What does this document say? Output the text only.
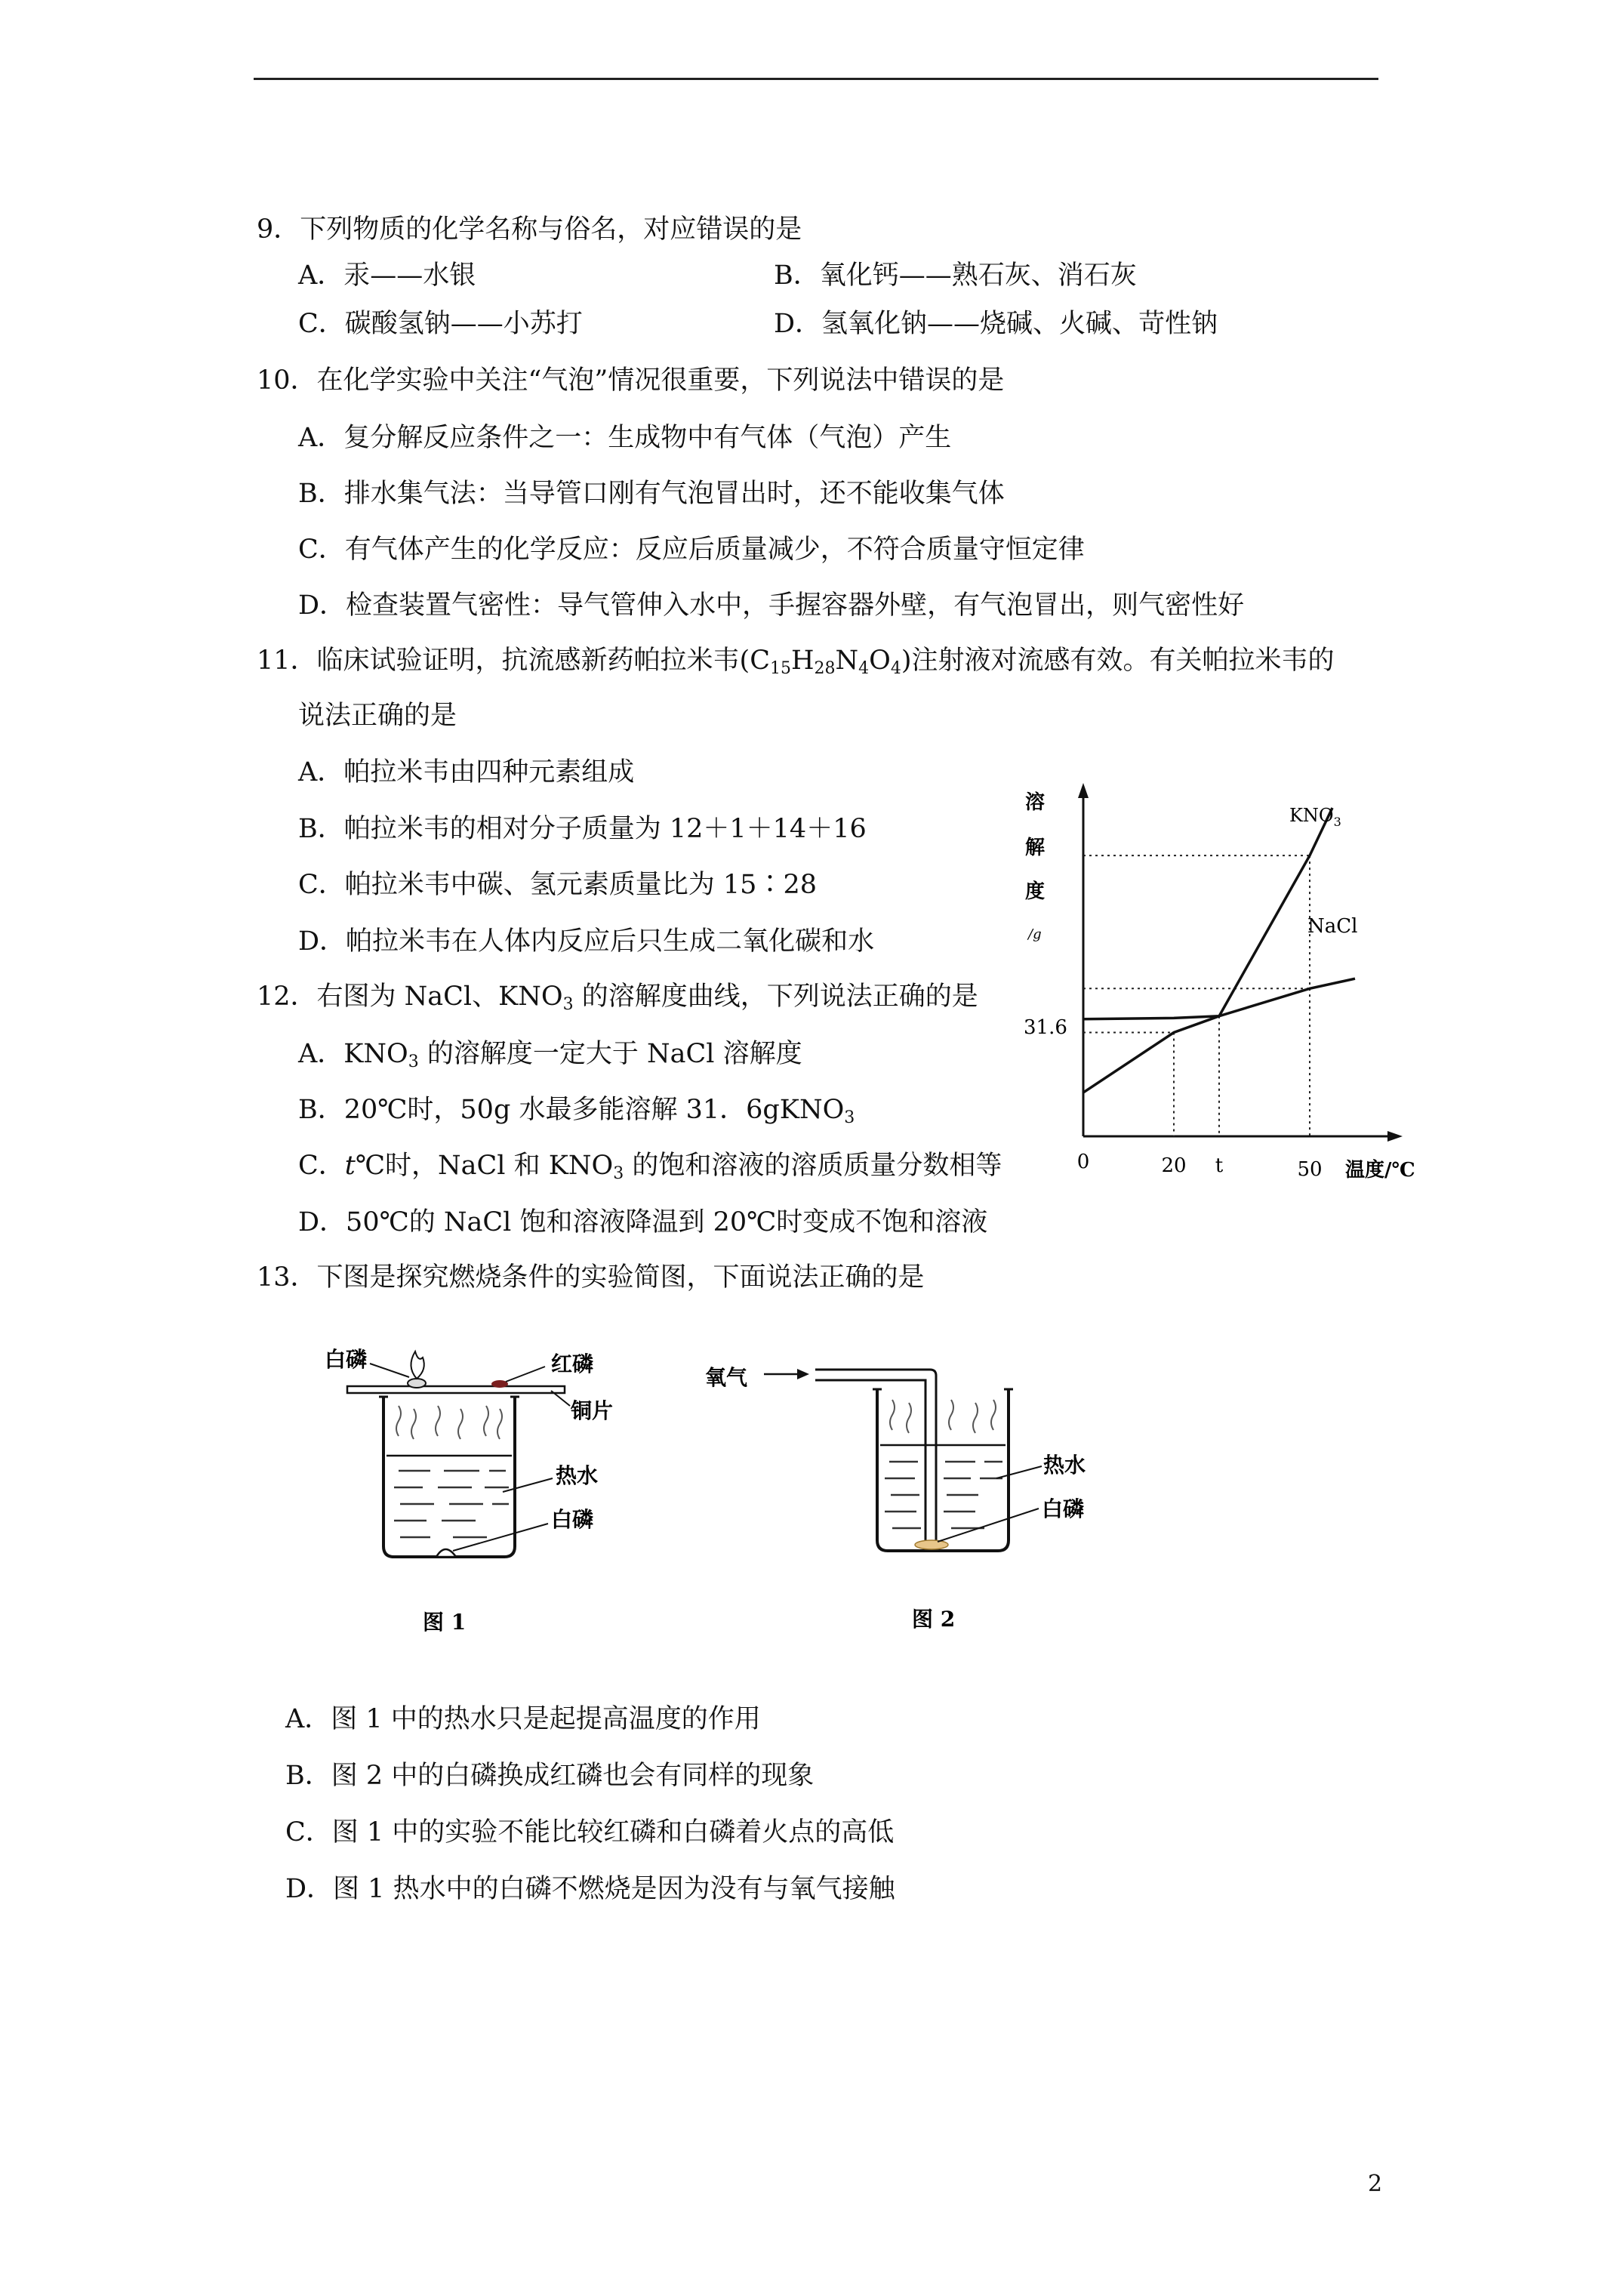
9．下列物质的化学名称与俗名，对应错误的是
A．汞——水银	B．氧化钙——熟石灰、消石灰
C．碳酸氢钠——小苏打	D．氢氧化钠——烧碱、火碱、苛性钠
10．在化学实验中关注“气泡”情况很重要，下列说法中错误的是
A．复分解反应条件之一：生成物中有气体（气泡）产生
B．排水集气法：当导管口刚有气泡冒出时，还不能收集气体
C．有气体产生的化学反应：反应后质量减少，不符合质量守恒定律
D．检查装置气密性：导气管伸入水中，手握容器外壁，有气泡冒出，则气密性好
11．临床试验证明，抗流感新药帕拉米韦$(C_{15}H_{28}N_4O_4)$注射液对流感有效。有关帕拉米韦的
说法正确的是
A．帕拉米韦由四种元素组成
B．帕拉米韦的相对分子质量为 12＋1＋14＋16
C．帕拉米韦中碳、氢元素质量比为 15∶28
D．帕拉米韦在人体内反应后只生成二氧化碳和水
12．右图为 NaCl、$KNO_3$ 的溶解度曲线，下列说法正确的是
A．$KNO_3$ 的溶解度一定大于 NaCl 溶解度
B．20℃时，50g 水最多能溶解 31．6gKNO$_3$
C．t℃时，NaCl 和 $KNO_3$ 的饱和溶液的溶质质量分数相等
D．50℃的 NaCl 饱和溶液降温到 20℃时变成不饱和溶液
13．下图是探究燃烧条件的实验简图，下面说法正确的是
A．图 1 中的热水只是起提高温度的作用
B．图 2 中的白磷换成红磷也会有同样的现象
C．图 1 中的实验不能比较红磷和白磷着火点的高低
D．图 1 热水中的白磷不燃烧是因为没有与氧气接触
溶
解
度
/g
31.6
0	20 t	50 温度/℃
$KNO_3$
NaCl
白磷	红磷
铜片
热水
白磷
图 1
氧气
热水
白磷
图 2
2
